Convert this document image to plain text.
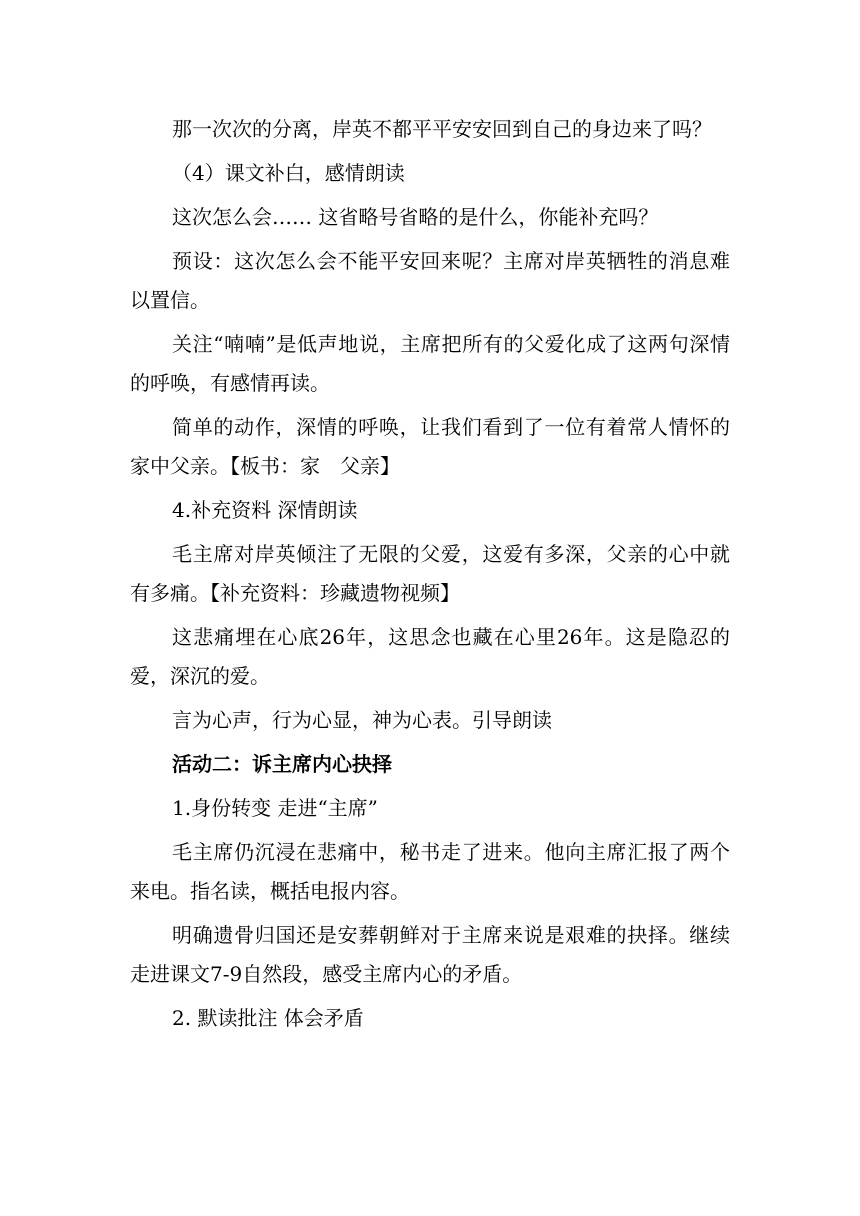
那一次次的分离，岸英不都平平安安回到自己的身边来了吗？

（4）课文补白，感情朗读

这次怎么会…… 这省略号省略的是什么，你能补充吗？

预设：这次怎么会不能平安回来呢？主席对岸英牺牲的消息难以置信。

关注“喃喃”是低声地说，主席把所有的父爱化成了这两句深情的呼唤，有感情再读。

简单的动作，深情的呼唤，让我们看到了一位有着常人情怀的家中父亲。【板书：家　父亲】

4.补充资料 深情朗读

毛主席对岸英倾注了无限的父爱，这爱有多深，父亲的心中就有多痛。【补充资料：珍藏遗物视频】

这悲痛埋在心底26年，这思念也藏在心里26年。这是隐忍的爱，深沉的爱。

言为心声，行为心显，神为心表。引导朗读

活动二：诉主席内心抉择

1.身份转变 走进“主席”

毛主席仍沉浸在悲痛中，秘书走了进来。他向主席汇报了两个来电。指名读，概括电报内容。

明确遗骨归国还是安葬朝鲜对于主席来说是艰难的抉择。继续走进课文7-9自然段，感受主席内心的矛盾。

2. 默读批注 体会矛盾
